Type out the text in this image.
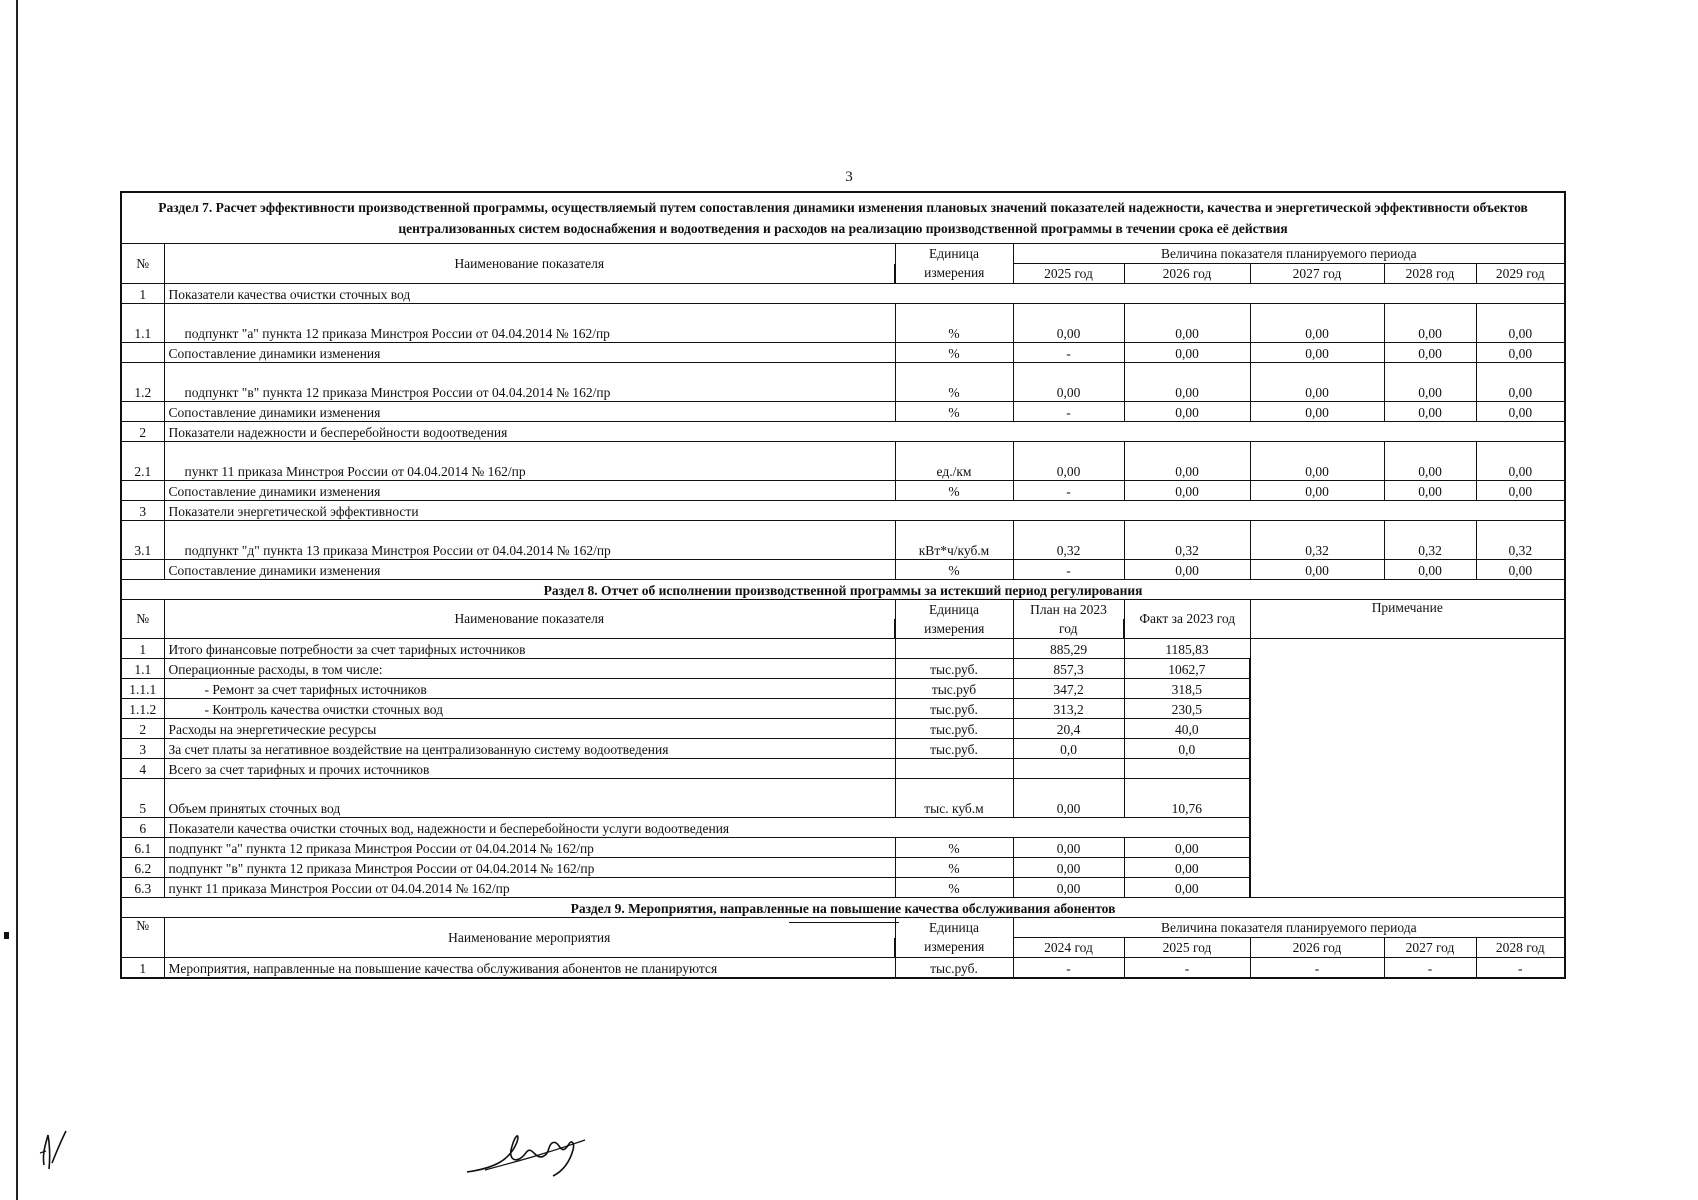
3
Раздел 7. Расчет эффективности производственной программы, осуществляемый путем сопоставления динамики изменения плановых значений показателей надежности, качества и энергетической эффективности объектов централизованных систем водоснабжения и водоотведения и расходов на реализацию производственной программы в течении срока её действия							
№	Наименование показателя	Единица	Величина показателя планируемого периода				
		измерения	2025 год	2026 год	2027 год	2028 год	2029 год
1	Показатели качества очистки сточных вод						
1.1	подпункт "а" пункта 12 приказа Минстроя России от 04.04.2014 № 162/пр	%	0,00	0,00	0,00	0,00	0,00
	Сопоставление динамики изменения	%	-	0,00	0,00	0,00	0,00
1.2	подпункт "в" пункта 12 приказа Минстроя России от 04.04.2014 № 162/пр	%	0,00	0,00	0,00	0,00	0,00
	Сопоставление динамики изменения	%	-	0,00	0,00	0,00	0,00
2	Показатели надежности и бесперебойности водоотведения						
2.1	пункт 11 приказа Минстроя России от 04.04.2014 № 162/пр	ед./км	0,00	0,00	0,00	0,00	0,00
	Сопоставление динамики изменения	%	-	0,00	0,00	0,00	0,00
3	Показатели энергетической эффективности						
3.1	подпункт "д" пункта 13 приказа Минстроя России от 04.04.2014 № 162/пр	кВт*ч/куб.м	0,32	0,32	0,32	0,32	0,32
	Сопоставление динамики изменения	%	-	0,00	0,00	0,00	0,00
Раздел 8. Отчет об исполнении производственной программы за истекший период регулирования							
№	Наименование показателя	Единица	План на 2023	Факт за 2023 год	Примечание		
		измерения	год				
1	Итого финансовые потребности за счет тарифных источников		885,29	1185,83			
1.1	Операционные расходы, в том числе:	тыс.руб.	857,3	1062,7			
1.1.1	- Ремонт за счет тарифных источников	тыс.руб	347,2	318,5			
1.1.2	- Контроль качества очистки сточных вод	тыс.руб.	313,2	230,5			
2	Расходы на энергетические ресурсы	тыс.руб.	20,4	40,0			
3	За счет платы за негативное воздействие на централизованную систему водоотведения	тыс.руб.	0,0	0,0			
4	Всего за счет тарифных и прочих источников						
5	Объем принятых сточных вод	тыс. куб.м	0,00	10,76			
6	Показатели качества очистки сточных вод, надежности и бесперебойности услуги водоотведения						
6.1	подпункт "а" пункта 12 приказа Минстроя России от 04.04.2014 № 162/пр	%	0,00	0,00			
6.2	подпункт "в" пункта 12 приказа Минстроя России от 04.04.2014 № 162/пр	%	0,00	0,00			
6.3	пункт 11 приказа Минстроя России от 04.04.2014 № 162/пр	%	0,00	0,00			
Раздел 9. Мероприятия, направленные на повышение качества обслуживания абонентов							
№	Наименование мероприятия	Единица	Величина показателя планируемого периода				
		измерения	2024 год	2025 год	2026 год	2027 год	2028 год
1	Мероприятия, направленные на повышение качества обслуживания абонентов не планируются	тыс.руб.	-	-	-	-	-
